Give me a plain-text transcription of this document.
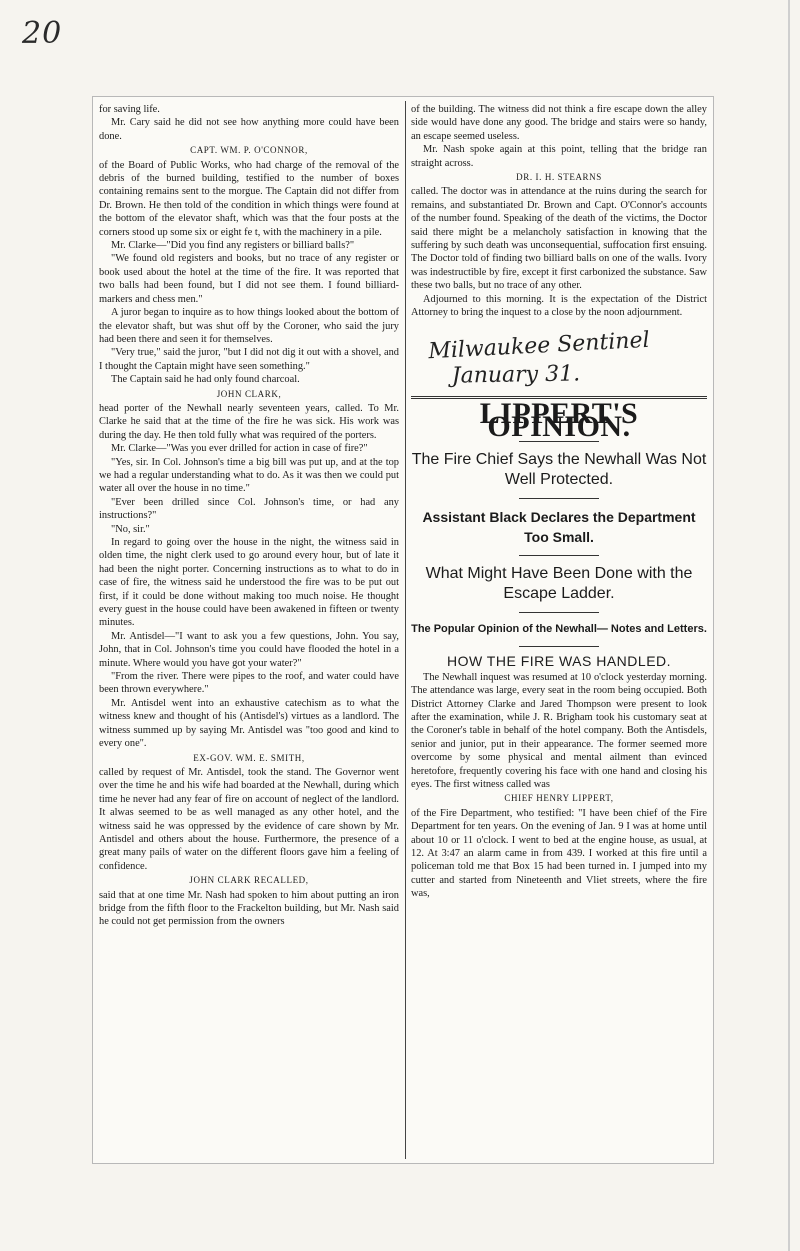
20

for saving life.

Mr. Cary said he did not see how anything more could have been done.

CAPT. WM. P. O'CONNOR,

of the Board of Public Works, who had charge of the removal of the debris of the burned building, testified to the number of boxes containing remains sent to the morgue. The Captain did not differ from Dr. Brown. He then told of the condition in which things were found at the bottom of the elevator shaft, which was that the four posts at the corners stood up some six or eight fe t, with the machinery in a pile.

Mr. Clarke—"Did you find any registers or billiard balls?"

"We found old registers and books, but no trace of any register or book used about the hotel at the time of the fire. It was reported that two balls had been found, but I did not see them. I found billiard-markers and chess men."

A juror began to inquire as to how things looked about the bottom of the elevator shaft, but was shut off by the Coroner, who said the jury had been there and seen it for themselves.

"Very true," said the juror, "but I did not dig it out with a shovel, and I thought the Captain might have seen something."

The Captain said he had only found charcoal.

JOHN CLARK,

head porter of the Newhall nearly seventeen years, called. To Mr. Clarke he said that at the time of the fire he was sick. His work was during the day. He then told fully what was required of the porters.

Mr. Clarke—"Was you ever drilled for action in case of fire?"

"Yes, sir. In Col. Johnson's time a big bill was put up, and at the top we had a regular understanding what to do. As it was then we could put water all over the house in no time."

"Ever been drilled since Col. Johnson's time, or had any instructions?"

"No, sir."

In regard to going over the house in the night, the witness said in olden time, the night clerk used to go around every hour, but of late it had been the night porter. Concerning instructions as to what to do in case of fire, the witness said he understood the fire was to be put out first, if it could be done without making too much noise. He thought every guest in the house could have been awakened in fifteen or twenty minutes.

Mr. Antisdel—"I want to ask you a few questions, John. You say, John, that in Col. Johnson's time you could have flooded the hotel in a minute. Where would you have got your water?"

"From the river. There were pipes to the roof, and water could have been thrown everywhere."

Mr. Antisdel went into an exhaustive catechism as to what the witness knew and thought of his (Antisdel's) virtues as a landlord. The witness summed up by saying Mr. Antisdel was "too good and kind to every one".

EX-GOV. WM. E. SMITH,

called by request of Mr. Antisdel, took the stand. The Governor went over the time he and his wife had boarded at the Newhall, during which time he never had any fear of fire on account of neglect of the landlord. It alwas seemed to be as well managed as any other hotel, and the witness said he was oppressed by the evidence of care shown by Mr. Antisdel and others about the house. Furthermore, the presence of a great many pails of water on the different floors gave him a feeling of confidence.

JOHN CLARK RECALLED,

said that at one time Mr. Nash had spoken to him about putting an iron bridge from the fifth floor to the Frackelton building, but Mr. Nash said he could not get permission from the owners

of the building. The witness did not think a fire escape down the alley side would have done any good. The bridge and stairs were so handy, an escape seemed useless.

Mr. Nash spoke again at this point, telling that the bridge ran straight across.

DR. I. H. STEARNS

called. The doctor was in attendance at the ruins during the search for remains, and substantiated Dr. Brown and Capt. O'Connor's accounts of the number found. Speaking of the death of the victims, the Doctor said there might be a melancholy satisfaction in knowing that the suffering by such death was unconsequential, suffocation first ensuing. The Doctor told of finding two billiard balls on one of the walls. Ivory was indestructible by fire, except it first carbonized the substance. Saw these two balls, but no trace of any other.

Adjourned to this morning. It is the expectation of the District Attorney to bring the inquest to a close by the noon adjournment.

Milwaukee Sentinel
January 31.
LIPPERT'S OPINION.
The Fire Chief Says the Newhall Was Not Well Protected.
Assistant Black Declares the Department Too Small.
What Might Have Been Done with the Escape Ladder.
The Popular Opinion of the Newhall— Notes and Letters.
HOW THE FIRE WAS HANDLED.

The Newhall inquest was resumed at 10 o'clock yesterday morning. The attendance was large, every seat in the room being occupied. Both District Attorney Clarke and Jared Thompson were present to look after the examination, while J. R. Brigham took his customary seat at the Coroner's table in behalf of the hotel company. Both the Antisdels, senior and junior, put in their appearance. The former seemed more overcome by some physical and mental ailment than evinced heretofore, frequently covering his face with one hand and closing his eyes. The first witness called was

CHIEF HENRY LIPPERT,

of the Fire Department, who testified: "I have been chief of the Fire Department for ten years. On the evening of Jan. 9 I was at home until about 10 or 11 o'clock. I went to bed at the engine house, as usual, at 12. At 3:47 an alarm came in from 439. I worked at this fire until a policeman told me that Box 15 had been turned in. I jumped into my cutter and started from Nineteenth and Vliet streets, where the fire was,
